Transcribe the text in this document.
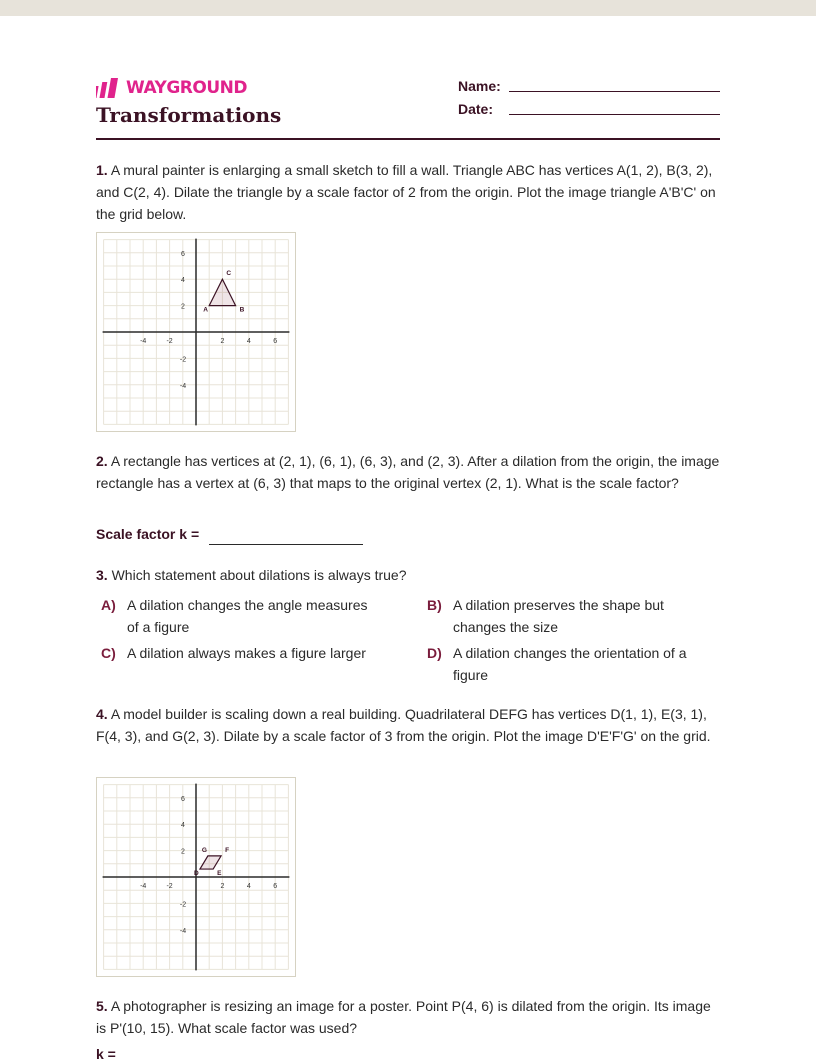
WAYGROUND
Transformations
Name:
Date:
1. A mural painter is enlarging a small sketch to fill a wall. Triangle ABC has vertices A(1, 2), B(3, 2), and C(2, 4). Dilate the triangle by a scale factor of 2 from the origin. Plot the image triangle A'B'C' on the grid below.
-4	-2	2	4	6
6
4
2
-2
-4
A	B
C
2. A rectangle has vertices at (2, 1), (6, 1), (6, 3), and (2, 3). After a dilation from the origin, the image rectangle has a vertex at (6, 3) that maps to the original vertex (2, 1). What is the scale factor?
Scale factor k =
3. Which statement about dilations is always true?
A) A dilation changes the angle measures of a figure
B) A dilation preserves the shape but changes the size
C) A dilation always makes a figure larger	D) A dilation changes the orientation of a figure
4. A model builder is scaling down a real building. Quadrilateral DEFG has vertices D(1, 1), E(3, 1), F(4, 3), and G(2, 3). Dilate by a scale factor of 3 from the origin. Plot the image D'E'F'G' on the grid.
-4	-2	2	4	6
6
4
2
-2
-4
D	E
F
G
5. A photographer is resizing an image for a poster. Point P(4, 6) is dilated from the origin. Its image is P'(10, 15). What scale factor was used?
k =
